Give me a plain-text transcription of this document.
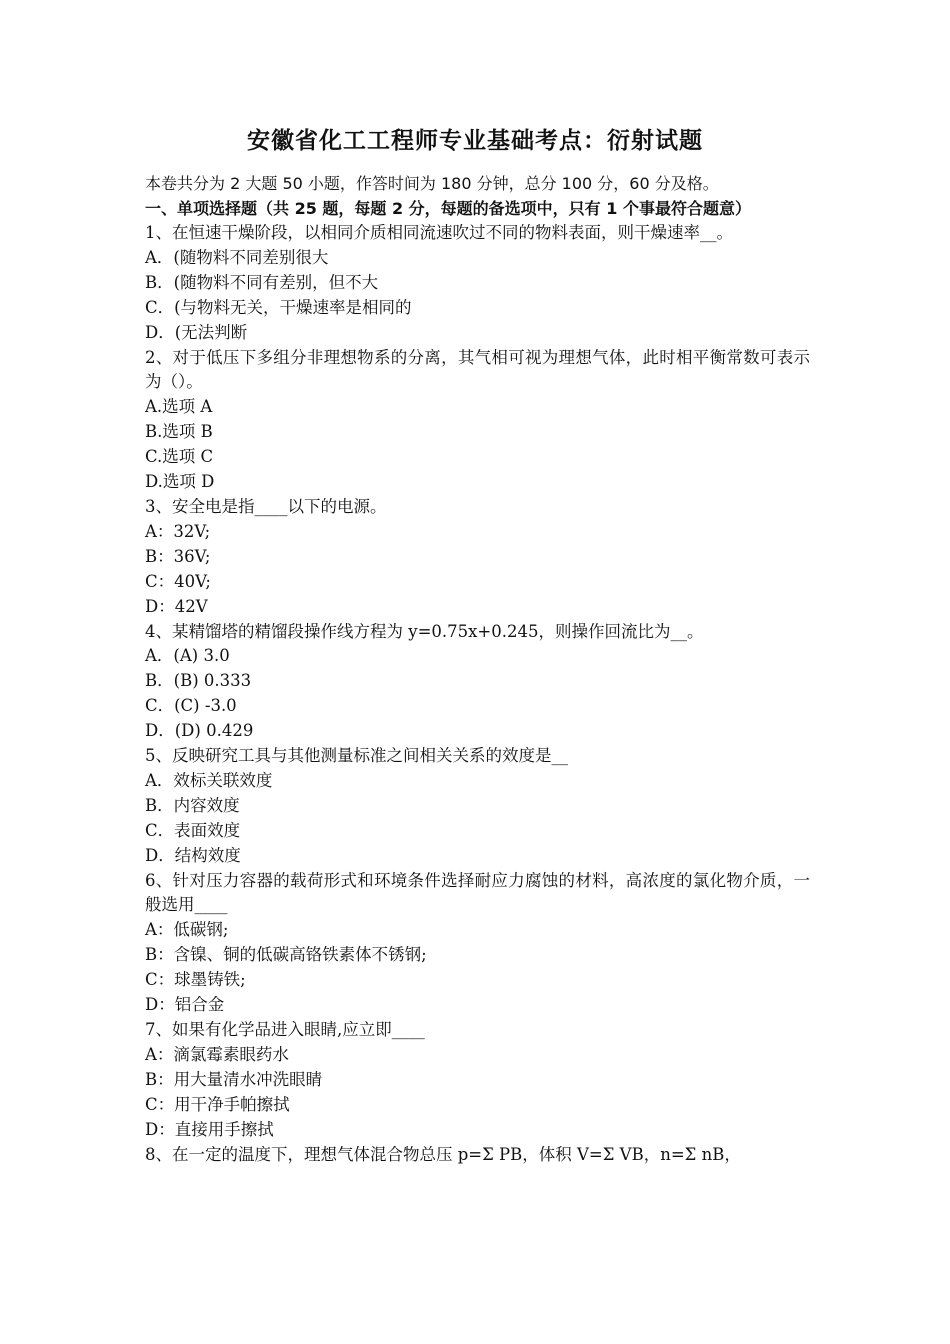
安徽省化工工程师专业基础考点：衍射试题
本卷共分为 2 大题 50 小题，作答时间为 180 分钟，总分 100 分，60 分及格。
一、单项选择题（共 25 题，每题 2 分，每题的备选项中，只有 1 个事最符合题意）
1、在恒速干燥阶段，以相同介质相同流速吹过不同的物料表面，则干燥速率__。
A．(随物料不同差别很大
B．(随物料不同有差别，但不大
C．(与物料无关，干燥速率是相同的
D．(无法判断
2、对于低压下多组分非理想物系的分离，其气相可视为理想气体，此时相平衡常数可表示为（）。
A.选项 A
B.选项 B
C.选项 C
D.选项 D
3、安全电是指____以下的电源。
A：32V;
B：36V;
C：40V;
D：42V
4、某精馏塔的精馏段操作线方程为 y=0.75x+0.245，则操作回流比为__。
A．(A) 3.0
B．(B) 0.333
C．(C) -3.0
D．(D) 0.429
5、反映研究工具与其他测量标准之间相关关系的效度是__
A．效标关联效度
B．内容效度
C．表面效度
D．结构效度
6、针对压力容器的载荷形式和环境条件选择耐应力腐蚀的材料，高浓度的氯化物介质，一般选用____
A：低碳钢;
B：含镍、铜的低碳高铬铁素体不锈钢;
C：球墨铸铁;
D：铝合金
7、如果有化学品进入眼睛,应立即____
A：滴氯霉素眼药水
B：用大量清水冲洗眼睛
C：用干净手帕擦拭
D：直接用手擦拭
8、在一定的温度下，理想气体混合物总压 p=Σ PB，体积 V=Σ VB，n=Σ nB，
